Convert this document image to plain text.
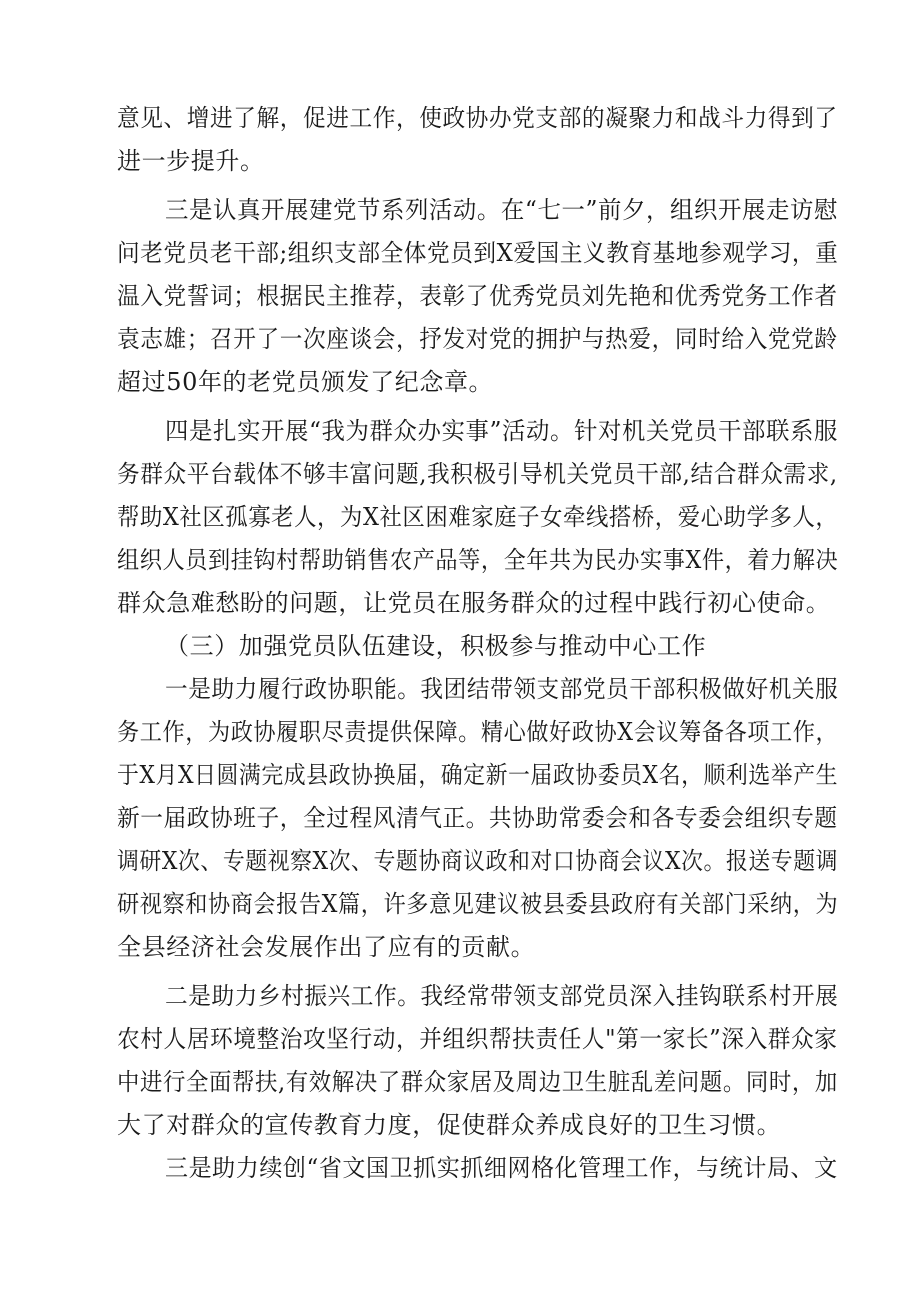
意见、增进了解，促进工作，使政协办党支部的凝聚力和战斗力得到了
进一步提升。
三是认真开展建党节系列活动。在“七一”前夕，组织开展走访慰
问老党员老干部;组织支部全体党员到X爱国主义教育基地参观学习，重
温入党誓词；根据民主推荐，表彰了优秀党员刘先艳和优秀党务工作者
袁志雄；召开了一次座谈会，抒发对党的拥护与热爱，同时给入党党龄
超过50年的老党员颁发了纪念章。
四是扎实开展“我为群众办实事”活动。针对机关党员干部联系服
务群众平台载体不够丰富问题,我积极引导机关党员干部,结合群众需求,
帮助X社区孤寡老人，为X社区困难家庭子女牵线搭桥，爱心助学多人，
组织人员到挂钩村帮助销售农产品等，全年共为民办实事X件，着力解决
群众急难愁盼的问题，让党员在服务群众的过程中践行初心使命。
（三）加强党员队伍建设，积极参与推动中心工作
一是助力履行政协职能。我团结带领支部党员干部积极做好机关服
务工作，为政协履职尽责提供保障。精心做好政协X会议筹备各项工作，
于X月X日圆满完成县政协换届，确定新一届政协委员X名，顺利选举产生
新一届政协班子，全过程风清气正。共协助常委会和各专委会组织专题
调研X次、专题视察X次、专题协商议政和对口协商会议X次。报送专题调
研视察和协商会报告X篇，许多意见建议被县委县政府有关部门采纳，为
全县经济社会发展作出了应有的贡献。
二是助力乡村振兴工作。我经常带领支部党员深入挂钩联系村开展
农村人居环境整治攻坚行动，并组织帮扶责任人"第一家长”深入群众家
中进行全面帮扶,有效解决了群众家居及周边卫生脏乱差问题。同时，加
大了对群众的宣传教育力度，促使群众养成良好的卫生习惯。
三是助力续创“省文国卫抓实抓细网格化管理工作，与统计局、文
